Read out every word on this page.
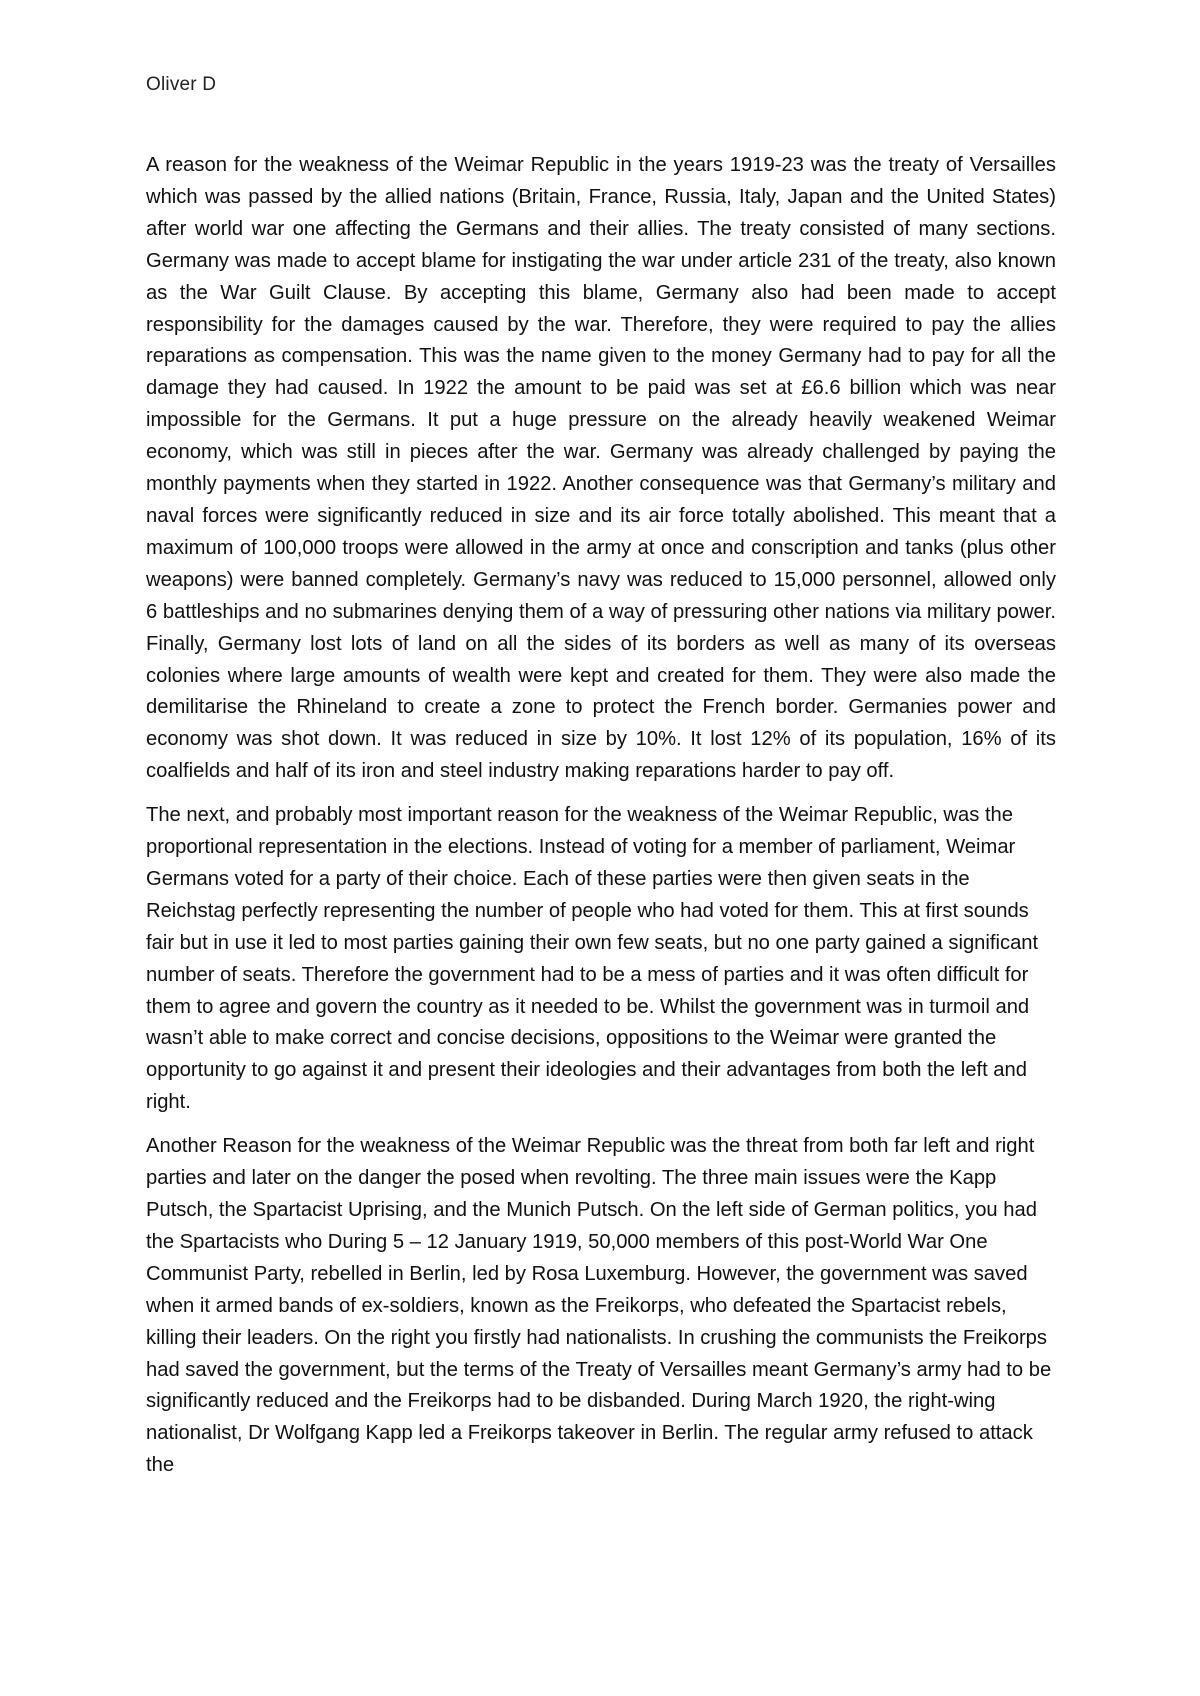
Oliver D

A reason for the weakness of the Weimar Republic in the years 1919-23 was the treaty of Versailles which was passed by the allied nations (Britain, France, Russia, Italy, Japan and the United States) after world war one affecting the Germans and their allies. The treaty consisted of many sections. Germany was made to accept blame for instigating the war under article 231 of the treaty, also known as the War Guilt Clause. By accepting this blame, Germany also had been made to accept responsibility for the damages caused by the war. Therefore, they were required to pay the allies reparations as compensation. This was the name given to the money Germany had to pay for all the damage they had caused. In 1922 the amount to be paid was set at £6.6 billion which was near impossible for the Germans. It put a huge pressure on the already heavily weakened Weimar economy, which was still in pieces after the war. Germany was already challenged by paying the monthly payments when they started in 1922. Another consequence was that Germany’s military and naval forces were significantly reduced in size and its air force totally abolished. This meant that a maximum of 100,000 troops were allowed in the army at once and conscription and tanks (plus other weapons) were banned completely. Germany’s navy was reduced to 15,000 personnel, allowed only 6 battleships and no submarines denying them of a way of pressuring other nations via military power. Finally, Germany lost lots of land on all the sides of its borders as well as many of its overseas colonies where large amounts of wealth were kept and created for them. They were also made the demilitarise the Rhineland to create a zone to protect the French border. Germanies power and economy was shot down. It was reduced in size by 10%. It lost 12% of its population, 16% of its coalfields and half of its iron and steel industry making reparations harder to pay off.

The next, and probably most important reason for the weakness of the Weimar Republic, was the proportional representation in the elections. Instead of voting for a member of parliament, Weimar Germans voted for a party of their choice. Each of these parties were then given seats in the Reichstag perfectly representing the number of people who had voted for them. This at first sounds fair but in use it led to most parties gaining their own few seats, but no one party gained a significant number of seats. Therefore the government had to be a mess of parties and it was often difficult for them to agree and govern the country as it needed to be. Whilst the government was in turmoil and wasn’t able to make correct and concise decisions, oppositions to the Weimar were granted the opportunity to go against it and present their ideologies and their advantages from both the left and right.

Another Reason for the weakness of the Weimar Republic was the threat from both far left and right parties and later on the danger the posed when revolting. The three main issues were the Kapp Putsch, the Spartacist Uprising, and the Munich Putsch. On the left side of German politics, you had the Spartacists who During 5 – 12 January 1919, 50,000 members of this post-World War One Communist Party, rebelled in Berlin, led by Rosa Luxemburg. However, the government was saved when it armed bands of ex-soldiers, known as the Freikorps, who defeated the Spartacist rebels, killing their leaders. On the right you firstly had nationalists. In crushing the communists the Freikorps had saved the government, but the terms of the Treaty of Versailles meant Germany’s army had to be significantly reduced and the Freikorps had to be disbanded. During March 1920, the right-wing nationalist, Dr Wolfgang Kapp led a Freikorps takeover in Berlin. The regular army refused to attack the
